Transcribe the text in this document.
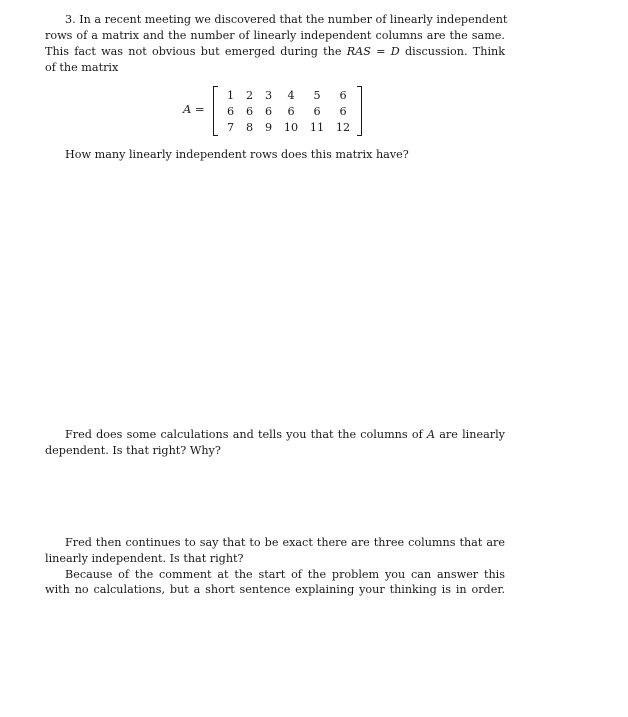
3. In a recent meeting we discovered that the number of linearly independent
rows of a matrix and the number of linearly independent columns are the same.
This fact was not obvious but emerged during the RAS = D discussion. Think
of the matrix
A =
1	2	3	4	5	6
6	6	6	6	6	6
7	8	9	10	11	12
How many linearly independent rows does this matrix have?
Fred does some calculations and tells you that the columns of A are linearly
dependent. Is that right? Why?
Fred then continues to say that to be exact there are three columns that are
linearly independent. Is that right?
Because of the comment at the start of the problem you can answer this
with no calculations, but a short sentence explaining your thinking is in order.
